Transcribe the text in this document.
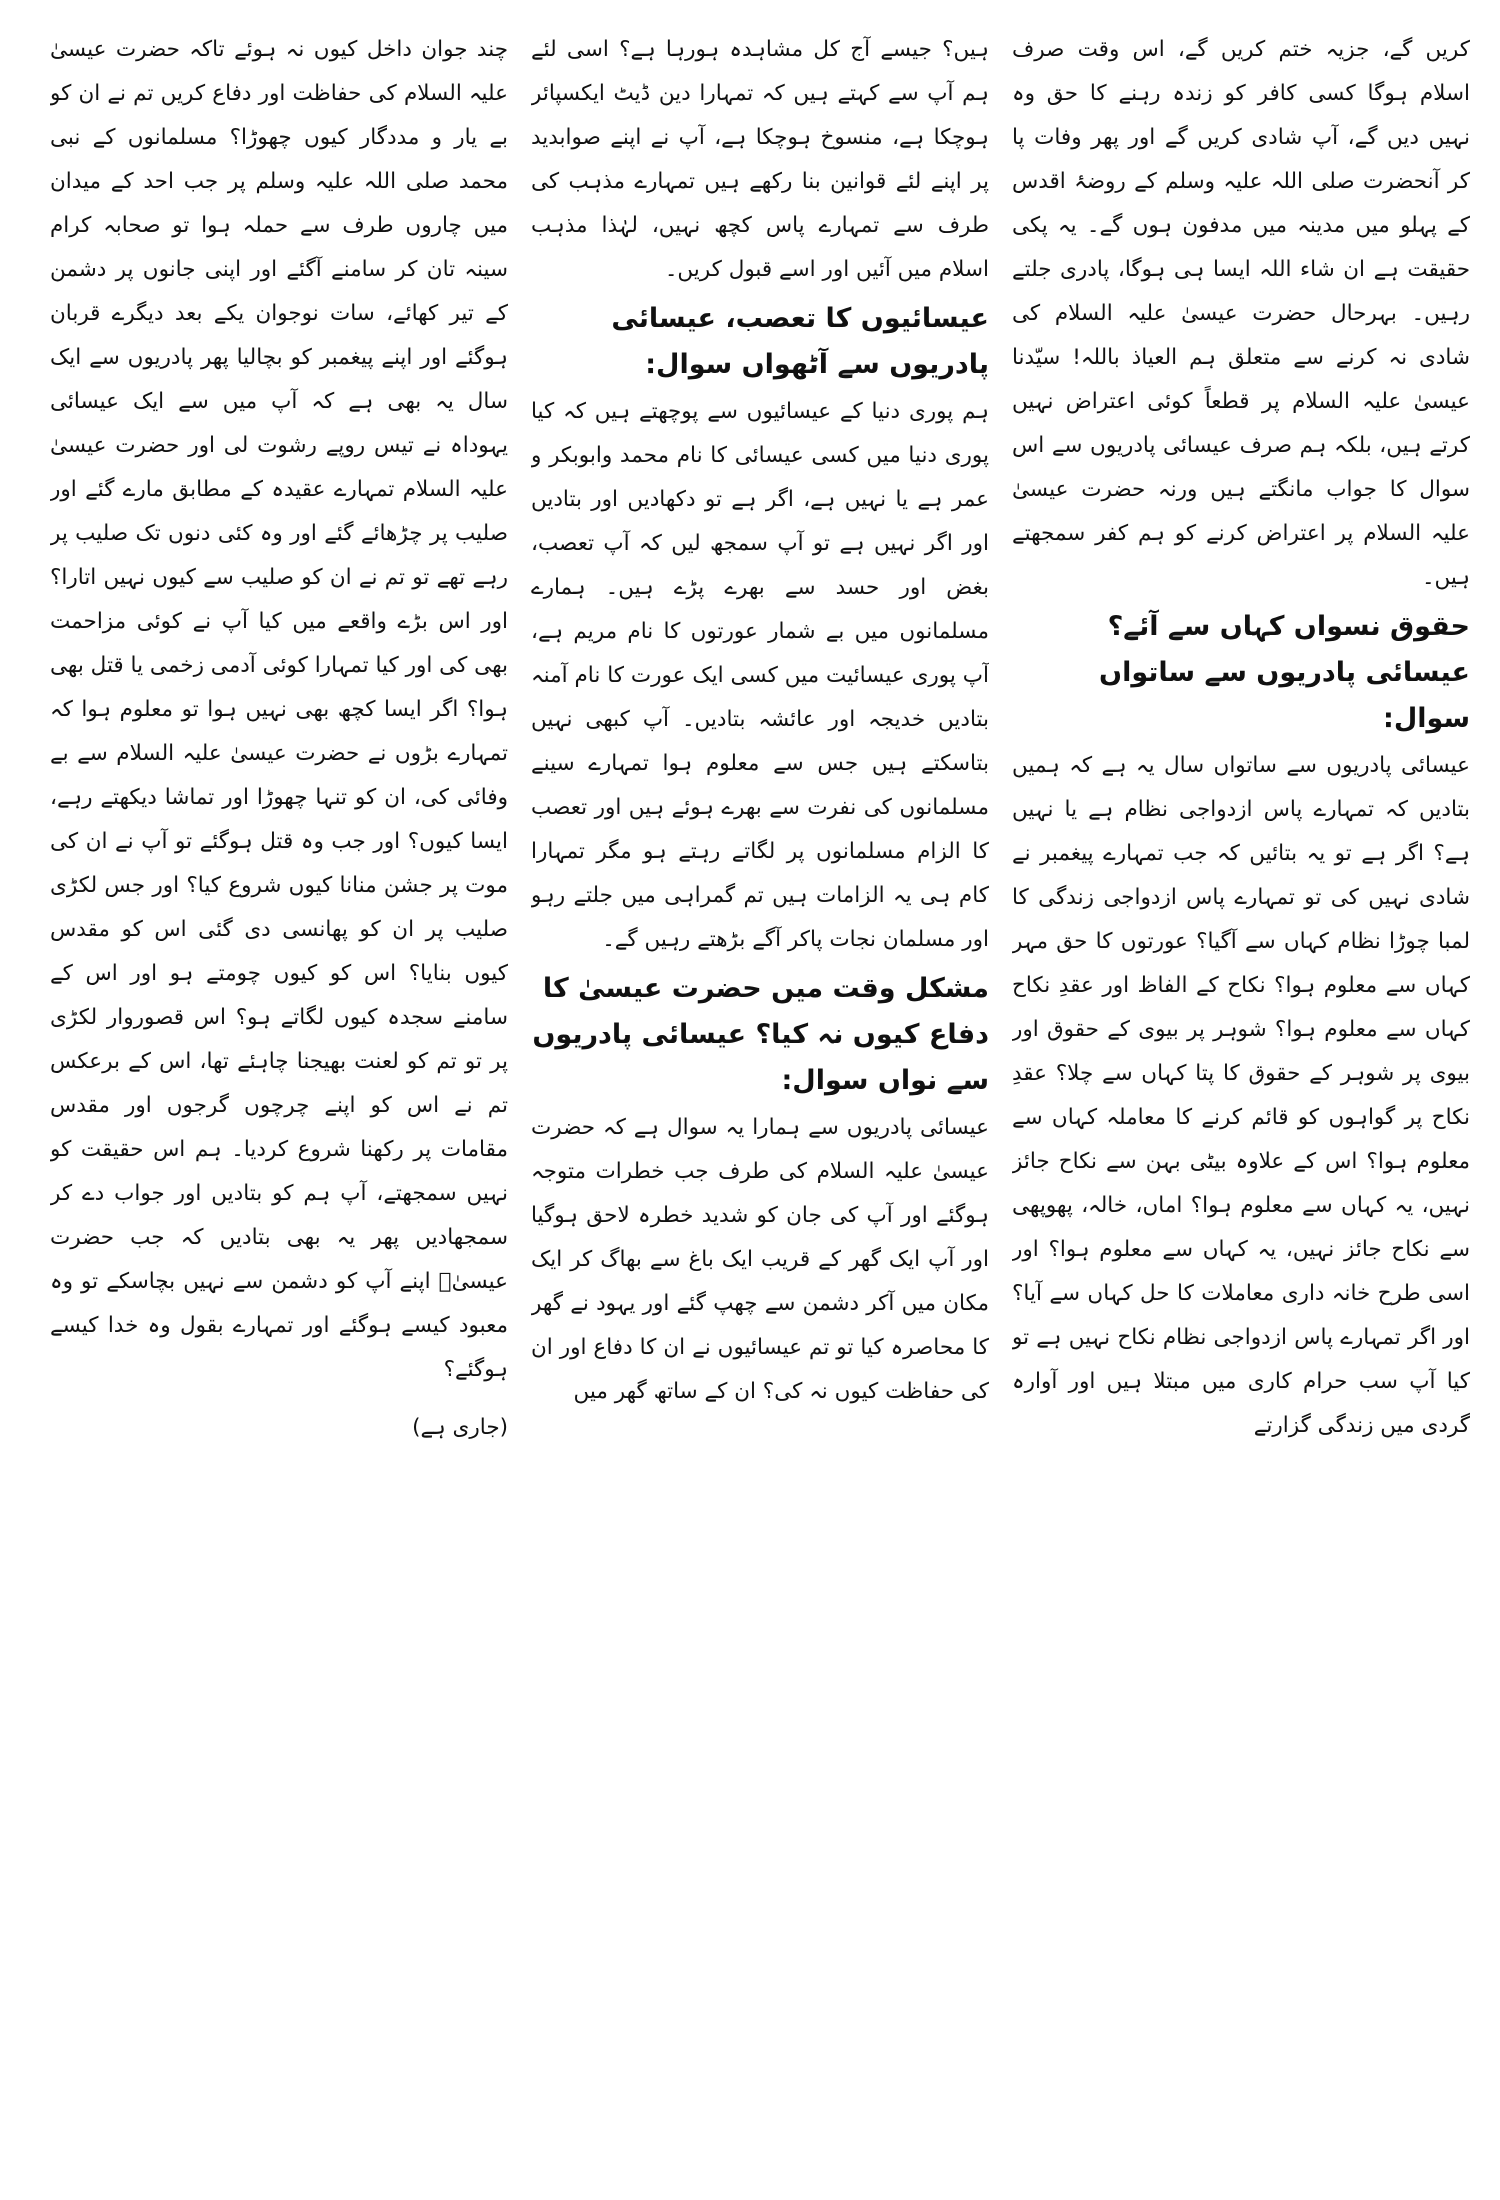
کریں گے، جزیہ ختم کریں گے، اس وقت صرف اسلام ہوگا کسی کافر کو زندہ رہنے کا حق وہ نہیں دیں گے، آپ شادی کریں گے اور پھر وفات پا کر آنحضرت صلی اللہ علیہ وسلم کے روضۂ اقدس کے پہلو میں مدینہ میں مدفون ہوں گے۔ یہ پکی حقیقت ہے ان شاء اللہ ایسا ہی ہوگا، پادری جلتے رہیں۔ بہرحال حضرت عیسیٰ علیہ السلام کی شادی نہ کرنے سے متعلق ہم العیاذ باللہ! سیّدنا عیسیٰ علیہ السلام پر قطعاً کوئی اعتراض نہیں کرتے ہیں، بلکہ ہم صرف عیسائی پادریوں سے اس سوال کا جواب مانگتے ہیں ورنہ حضرت عیسیٰ علیہ السلام پر اعتراض کرنے کو ہم کفر سمجھتے ہیں۔

حقوق نسواں کہاں سے آئے؟ عیسائی پادریوں سے ساتواں سوال:

عیسائی پادریوں سے ساتواں سال یہ ہے کہ ہمیں بتادیں کہ تمہارے پاس ازدواجی نظام ہے یا نہیں ہے؟ اگر ہے تو یہ بتائیں کہ جب تمہارے پیغمبر نے شادی نہیں کی تو تمہارے پاس ازدواجی زندگی کا لمبا چوڑا نظام کہاں سے آگیا؟ عورتوں کا حق مہر کہاں سے معلوم ہوا؟ نکاح کے الفاظ اور عقدِ نکاح کہاں سے معلوم ہوا؟ شوہر پر بیوی کے حقوق اور بیوی پر شوہر کے حقوق کا پتا کہاں سے چلا؟ عقدِ نکاح پر گواہوں کو قائم کرنے کا معاملہ کہاں سے معلوم ہوا؟ اس کے علاوہ بیٹی بہن سے نکاح جائز نہیں، یہ کہاں سے معلوم ہوا؟ اماں، خالہ، پھوپھی سے نکاح جائز نہیں، یہ کہاں سے معلوم ہوا؟ اور اسی طرح خانہ داری معاملات کا حل کہاں سے آیا؟ اور اگر تمہارے پاس ازدواجی نظام نکاح نہیں ہے تو کیا آپ سب حرام کاری میں مبتلا ہیں اور آوارہ گردی میں زندگی گزارتے

ہیں؟ جیسے آج کل مشاہدہ ہورہا ہے؟ اسی لئے ہم آپ سے کہتے ہیں کہ تمہارا دین ڈیٹ ایکسپائر ہوچکا ہے، منسوخ ہوچکا ہے، آپ نے اپنے صوابدید پر اپنے لئے قوانین بنا رکھے ہیں تمہارے مذہب کی طرف سے تمہارے پاس کچھ نہیں، لہٰذا مذہب اسلام میں آئیں اور اسے قبول کریں۔

عیسائیوں کا تعصب، عیسائی پادریوں سے آٹھواں سوال:

ہم پوری دنیا کے عیسائیوں سے پوچھتے ہیں کہ کیا پوری دنیا میں کسی عیسائی کا نام محمد وابوبکر و عمر ہے یا نہیں ہے، اگر ہے تو دکھادیں اور بتادیں اور اگر نہیں ہے تو آپ سمجھ لیں کہ آپ تعصب، بغض اور حسد سے بھرے پڑے ہیں۔ ہمارے مسلمانوں میں بے شمار عورتوں کا نام مریم ہے، آپ پوری عیسائیت میں کسی ایک عورت کا نام آمنہ بتادیں خدیجہ اور عائشہ بتادیں۔ آپ کبھی نہیں بتاسکتے ہیں جس سے معلوم ہوا تمہارے سینے مسلمانوں کی نفرت سے بھرے ہوئے ہیں اور تعصب کا الزام مسلمانوں پر لگاتے رہتے ہو مگر تمہارا کام ہی یہ الزامات ہیں تم گمراہی میں جلتے رہو اور مسلمان نجات پاکر آگے بڑھتے رہیں گے۔

مشکل وقت میں حضرت عیسیٰ کا دفاع کیوں نہ کیا؟ عیسائی پادریوں سے نواں سوال:

عیسائی پادریوں سے ہمارا یہ سوال ہے کہ حضرت عیسیٰ علیہ السلام کی طرف جب خطرات متوجہ ہوگئے اور آپ کی جان کو شدید خطرہ لاحق ہوگیا اور آپ ایک گھر کے قریب ایک باغ سے بھاگ کر ایک مکان میں آکر دشمن سے چھپ گئے اور یہود نے گھر کا محاصرہ کیا تو تم عیسائیوں نے ان کا دفاع اور ان کی حفاظت کیوں نہ کی؟ ان کے ساتھ گھر میں

چند جوان داخل کیوں نہ ہوئے تاکہ حضرت عیسیٰ علیہ السلام کی حفاظت اور دفاع کریں تم نے ان کو بے یار و مددگار کیوں چھوڑا؟ مسلمانوں کے نبی محمد صلی اللہ علیہ وسلم پر جب احد کے میدان میں چاروں طرف سے حملہ ہوا تو صحابہ کرام سینہ تان کر سامنے آگئے اور اپنی جانوں پر دشمن کے تیر کھائے، سات نوجوان یکے بعد دیگرے قربان ہوگئے اور اپنے پیغمبر کو بچالیا پھر پادریوں سے ایک سال یہ بھی ہے کہ آپ میں سے ایک عیسائی یہوداہ نے تیس روپے رشوت لی اور حضرت عیسیٰ علیہ السلام تمہارے عقیدہ کے مطابق مارے گئے اور صلیب پر چڑھائے گئے اور وہ کئی دنوں تک صلیب پر رہے تھے تو تم نے ان کو صلیب سے کیوں نہیں اتارا؟ اور اس بڑے واقعے میں کیا آپ نے کوئی مزاحمت بھی کی اور کیا تمہارا کوئی آدمی زخمی یا قتل بھی ہوا؟ اگر ایسا کچھ بھی نہیں ہوا تو معلوم ہوا کہ تمہارے بڑوں نے حضرت عیسیٰ علیہ السلام سے بے وفائی کی، ان کو تنہا چھوڑا اور تماشا دیکھتے رہے، ایسا کیوں؟ اور جب وہ قتل ہوگئے تو آپ نے ان کی موت پر جشن منانا کیوں شروع کیا؟ اور جس لکڑی صلیب پر ان کو پھانسی دی گئی اس کو مقدس کیوں بنایا؟ اس کو کیوں چومتے ہو اور اس کے سامنے سجدہ کیوں لگاتے ہو؟ اس قصوروار لکڑی پر تو تم کو لعنت بھیجنا چاہئے تھا، اس کے برعکس تم نے اس کو اپنے چرچوں گرجوں اور مقدس مقامات پر رکھنا شروع کردیا۔ ہم اس حقیقت کو نہیں سمجھتے، آپ ہم کو بتادیں اور جواب دے کر سمجھادیں پھر یہ بھی بتادیں کہ جب حضرت عیسیٰؑ اپنے آپ کو دشمن سے نہیں بچاسکے تو وہ معبود کیسے ہوگئے اور تمہارے بقول وہ خدا کیسے ہوگئے؟

(جاری ہے)
